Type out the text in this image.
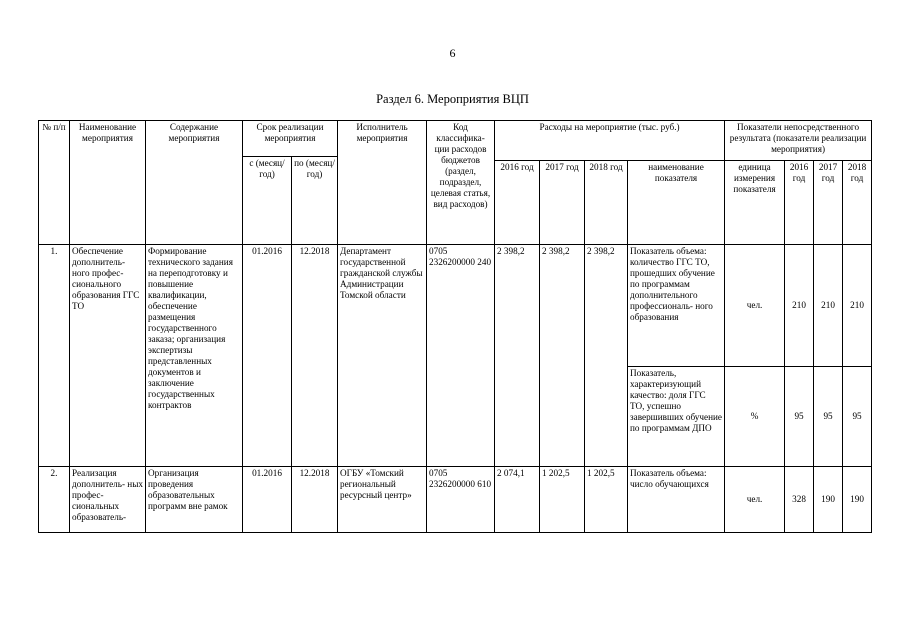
6
Раздел 6. Мероприятия ВЦП
№ п/п	Наименование мероприятия	Содержание мероприятия	Срок реализации мероприятия		Исполнитель мероприятия	Код классифика- ции расходов бюджетов (раздел, подраздел, целевая статья, вид расходов)	Расходы на мероприятие (тыс. руб.)				Показатели непосредственного результата (показатели реализации мероприятия)			
			с (месяц/ год)	по (месяц/ год)										
							2016 год	2017 год	2018 год	наименование показателя	единица измерения показателя	2016 год	2017 год	2018 год
1.	Обеспечение дополнитель- ного профес- сионального образования ГГС ТО	Формирование технического задания на переподготовку и повышение квалификации, обеспечение размещения государственного заказа; организация экспертизы представленных документов и заключение государственных контрактов	01.2016	12.2018	Департамент государственной гражданской службы Администрации Томской области	0705 2326200000 240	2 398,2	2 398,2	2 398,2	Показатель объема: количество ГГС ТО, прошедших обучение по программам дополнительного профессиональ- ного образования	чел.	210	210	210
										Показатель, характеризующий качество: доля ГГС ТО, успешно завершивших обучение по программам ДПО	%	95	95	95
2.	Реализация дополнитель- ных профес- сиональных образователь-	Организация проведения образовательных программ вне рамок	01.2016	12.2018	ОГБУ «Томский региональный ресурсный центр»	0705 2326200000 610	2 074,1	1 202,5	1 202,5	Показатель объема: число обучающихся	чел.	328	190	190
